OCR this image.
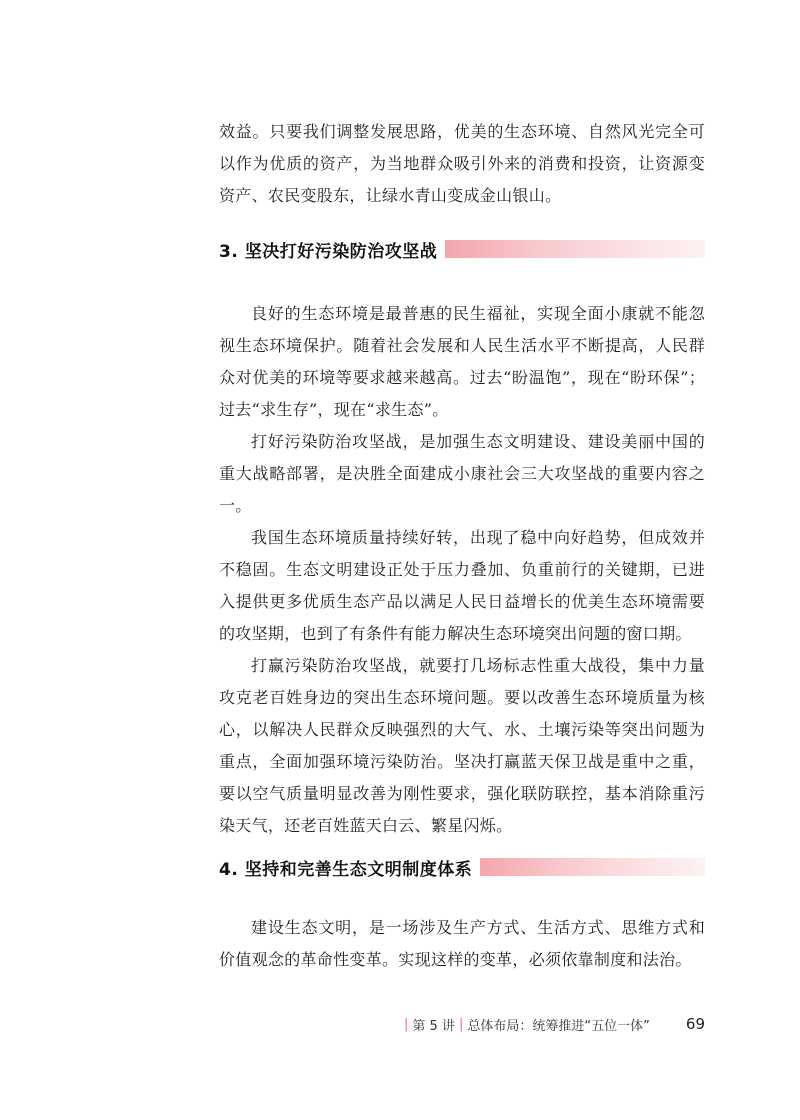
效益。只要我们调整发展思路，优美的生态环境、自然风光完全可以作为优质的资产，为当地群众吸引外来的消费和投资，让资源变资产、农民变股东，让绿水青山变成金山银山。

3. 坚决打好污染防治攻坚战

良好的生态环境是最普惠的民生福祉，实现全面小康就不能忽视生态环境保护。随着社会发展和人民生活水平不断提高，人民群众对优美的环境等要求越来越高。过去“盼温饱”，现在“盼环保”；过去“求生存”，现在“求生态”。

打好污染防治攻坚战，是加强生态文明建设、建设美丽中国的重大战略部署，是决胜全面建成小康社会三大攻坚战的重要内容之一。

我国生态环境质量持续好转，出现了稳中向好趋势，但成效并不稳固。生态文明建设正处于压力叠加、负重前行的关键期，已进入提供更多优质生态产品以满足人民日益增长的优美生态环境需要的攻坚期，也到了有条件有能力解决生态环境突出问题的窗口期。

打赢污染防治攻坚战，就要打几场标志性重大战役，集中力量攻克老百姓身边的突出生态环境问题。要以改善生态环境质量为核心，以解决人民群众反映强烈的大气、水、土壤污染等突出问题为重点，全面加强环境污染防治。坚决打赢蓝天保卫战是重中之重，要以空气质量明显改善为刚性要求，强化联防联控，基本消除重污染天气，还老百姓蓝天白云、繁星闪烁。

4. 坚持和完善生态文明制度体系

建设生态文明，是一场涉及生产方式、生活方式、思维方式和价值观念的革命性变革。实现这样的变革，必须依靠制度和法治。

| 第 5 讲 | 总体布局：统筹推进“五位一体” 69
